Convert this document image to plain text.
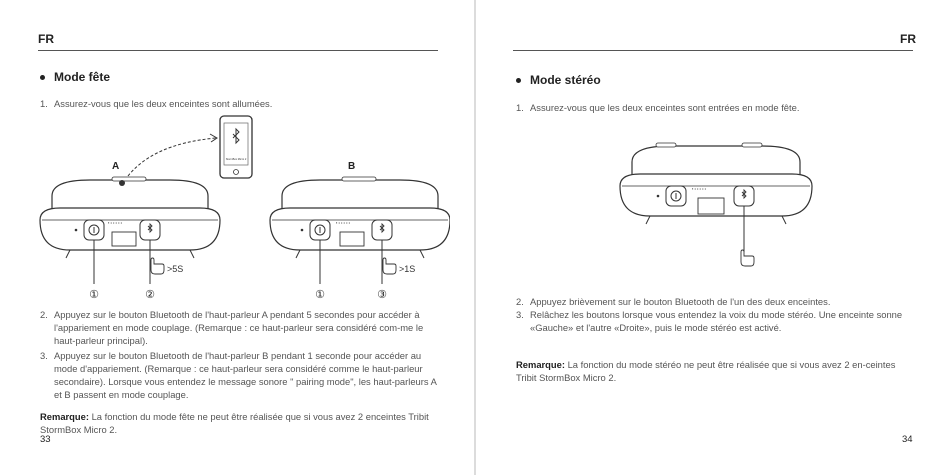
FR
Mode fête
1. Assurez-vous que les deux enceintes sont allumées.
StormBox Micro 2
A	B
▪ • • • • •	▪ • • • • •
>5S	>1S
①	②	①	③
2. Appuyez sur le bouton Bluetooth de l'haut-parleur A pendant 5 secondes pour accéder à l'appariement en mode couplage. (Remarque : ce haut-parleur sera considéré com-me le haut-parleur principal).
3. Appuyez sur le bouton Bluetooth de l'haut-parleur B pendant 1 seconde pour accéder au mode d'appariement. (Remarque : ce haut-parleur sera considéré comme le haut-parleur secondaire). Lorsque vous entendez le message sonore " pairing mode", les haut-parleurs A et B passent en mode couplage.
Remarque: La fonction du mode fête ne peut être réalisée que si vous avez 2 enceintes Tribit StormBox Micro 2.
33
FR
Mode stéréo
1. Assurez-vous que les deux enceintes sont entrées en mode fête.
▪ • • • • •
2. Appuyez brièvement sur le bouton Bluetooth de l'un des deux enceintes.
3. Relâchez les boutons lorsque vous entendez la voix du mode stéréo. Une enceinte sonne «Gauche» et l'autre «Droite», puis le mode stéréo est activé.
Remarque: La fonction du mode stéréo ne peut être réalisée que si vous avez 2 en-ceintes Tribit StormBox Micro 2.
34
